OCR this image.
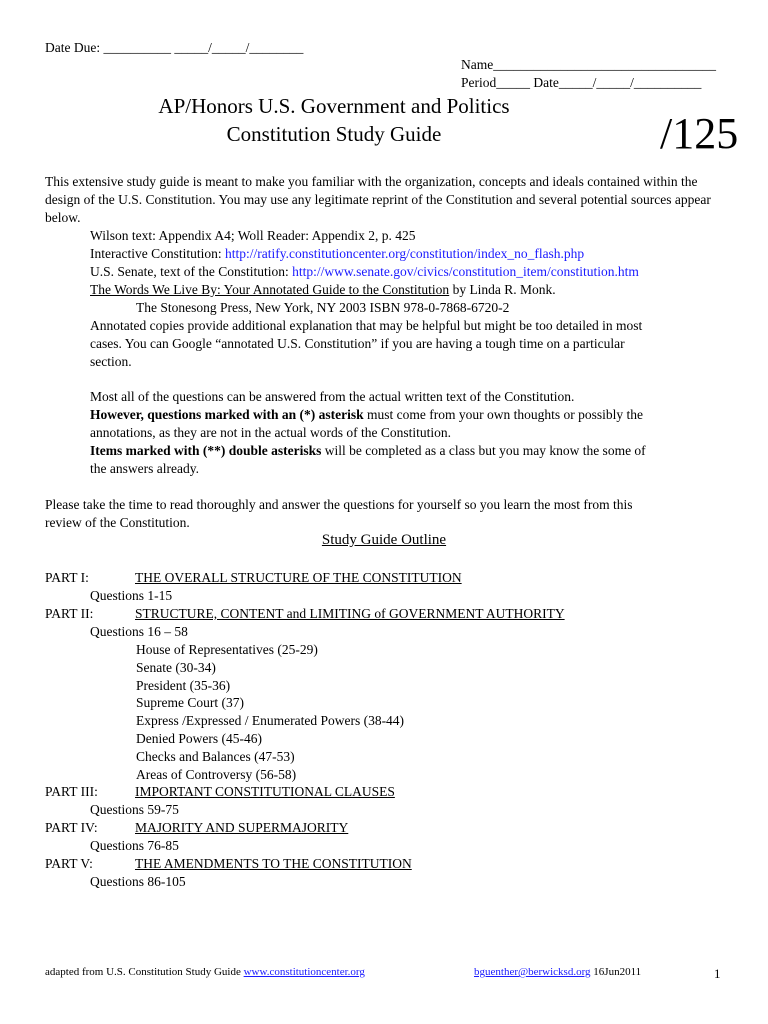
Date Due: __________ _____/_____/________
Name_________________________________
Period_____ Date_____/_____/__________
AP/Honors U.S. Government and Politics
Constitution Study Guide	/125
This extensive study guide is meant to make you familiar with the organization, concepts and ideals contained within the design of the U.S. Constitution. You may use any legitimate reprint of the Constitution and several potential sources appear below.
Wilson text: Appendix A4; Woll Reader: Appendix 2, p. 425
Interactive Constitution: http://ratify.constitutioncenter.org/constitution/index_no_flash.php
U.S. Senate, text of the Constitution: http://www.senate.gov/civics/constitution_item/constitution.htm
The Words We Live By: Your Annotated Guide to the Constitution by Linda R. Monk.
The Stonesong Press, New York, NY 2003 ISBN 978-0-7868-6720-2
Annotated copies provide additional explanation that may be helpful but might be too detailed in most
cases. You can Google “annotated U.S. Constitution” if you are having a tough time on a particular
section.
Most all of the questions can be answered from the actual written text of the Constitution.
However, questions marked with an (*) asterisk must come from your own thoughts or possibly the
annotations, as they are not in the actual words of the Constitution.
Items marked with (**) double asterisks will be completed as a class but you may know the some of
the answers already.
Please take the time to read thoroughly and answer the questions for yourself so you learn the most from this
review of the Constitution.
Study Guide Outline
PART I:	THE OVERALL STRUCTURE OF THE CONSTITUTION
Questions 1-15
PART II:	STRUCTURE, CONTENT and LIMITING of GOVERNMENT AUTHORITY
Questions 16 – 58
House of Representatives (25-29)
Senate (30-34)
President (35-36)
Supreme Court (37)
Express /Expressed / Enumerated Powers (38-44)
Denied Powers (45-46)
Checks and Balances (47-53)
Areas of Controversy (56-58)
PART III:	IMPORTANT CONSTITUTIONAL CLAUSES
Questions 59-75
PART IV:	MAJORITY AND SUPERMAJORITY
Questions 76-85
PART V:	THE AMENDMENTS TO THE CONSTITUTION
Questions 86-105
adapted from U.S. Constitution Study Guide www.constitutioncenter.org	bguenther@berwicksd.org 16Jun2011	1
